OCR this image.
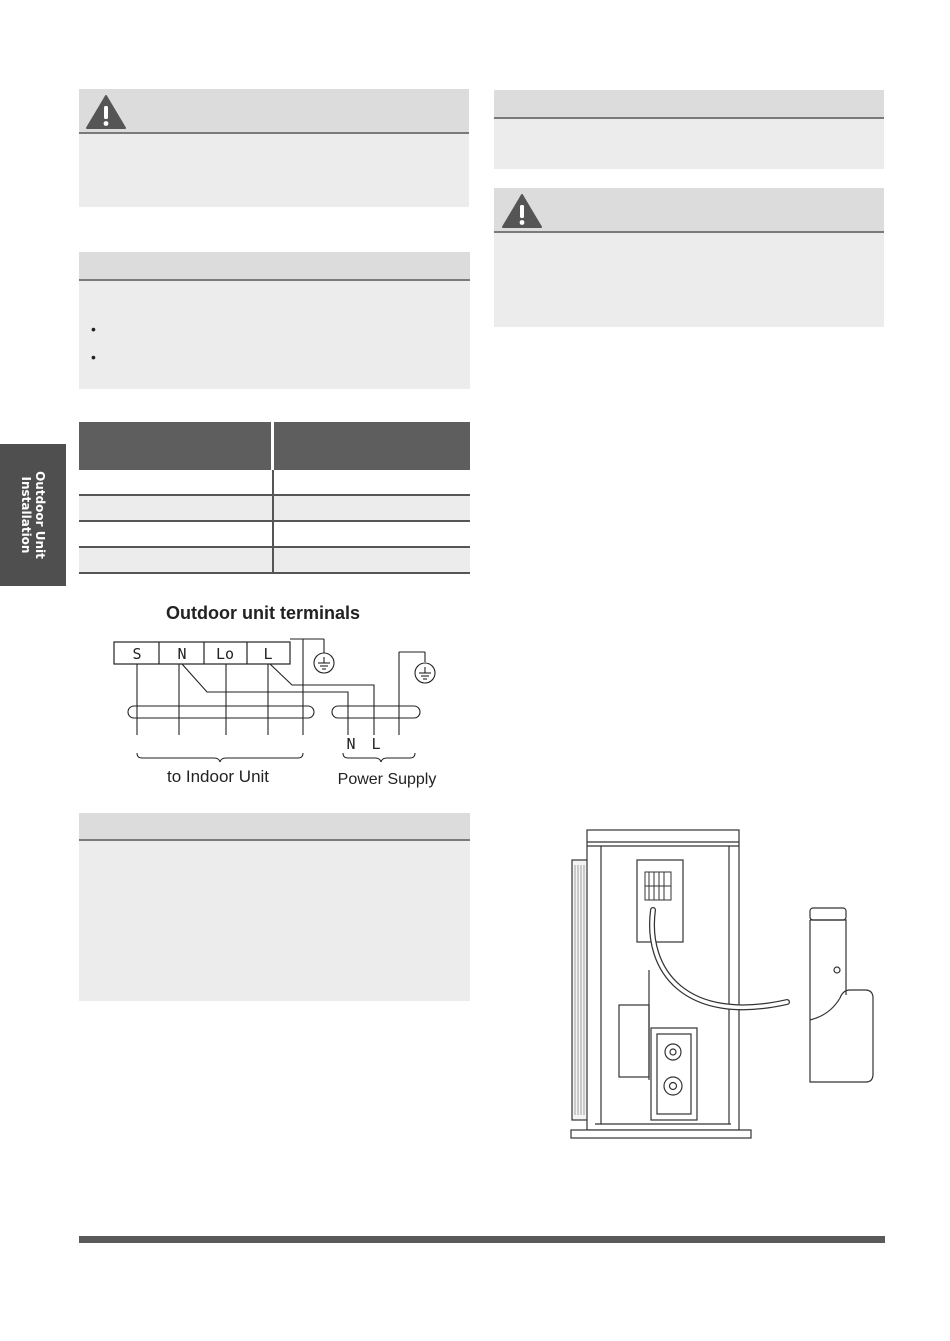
•
•
Outdoor Unit
Installation

Outdoor unit terminals
S N Lo L
N L
to Indoor Unit	Power Supply
